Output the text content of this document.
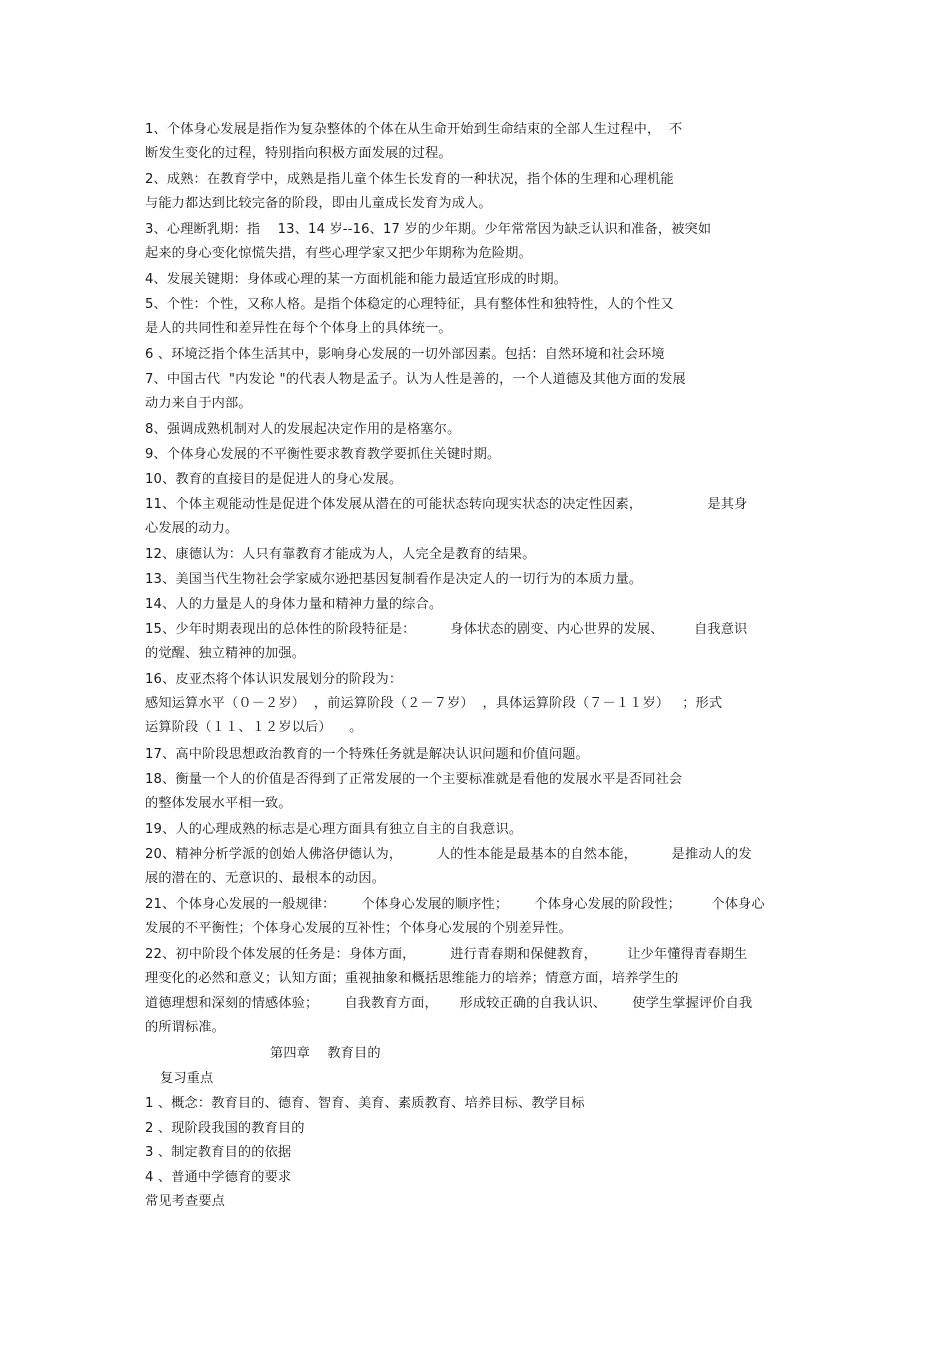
1、个体身心发展是指作为复杂整体的个体在从生命开始到生命结束的全部人生过程中，  不
断发生变化的过程，特别指向积极方面发展的过程。
2、成熟：在教育学中，成熟是指儿童个体生长发育的一种状况，指个体的生理和心理机能
与能力都达到比较完备的阶段，即由儿童成长发育为成人。
3、心理断乳期：指    13、14 岁--16、17 岁的少年期。少年常常因为缺乏认识和准备，被突如
起来的身心变化惊慌失措，有些心理学家又把少年期称为危险期。
4、发展关键期：身体或心理的某一方面机能和能力最适宜形成的时期。
5、个性：个性，又称人格。是指个体稳定的心理特征，具有整体性和独特性，人的个性又
是人的共同性和差异性在每个个体身上的具体统一。
6 、环境泛指个体生活其中，影响身心发展的一切外部因素。包括：自然环境和社会环境
7、中国古代  "内发论 "的代表人物是孟子。认为人性是善的，一个人道德及其他方面的发展
动力来自于内部。
8、强调成熟机制对人的发展起决定作用的是格塞尔。
9、个体身心发展的不平衡性要求教育教学要抓住关键时期。
10、教育的直接目的是促进人的身心发展。
11、个体主观能动性是促进个体发展从潜在的可能状态转向现实状态的决定性因素，               是其身
心发展的动力。
12、康德认为：人只有靠教育才能成为人，人完全是教育的结果。
13、美国当代生物社会学家威尔逊把基因复制看作是决定人的一切行为的本质力量。
14、人的力量是人的身体力量和精神力量的综合。
15、少年时期表现出的总体性的阶段特征是：        身体状态的剧变、内心世界的发展、       自我意识
的觉醒、独立精神的加强。
16、皮亚杰将个体认识发展划分的阶段为：
感知运算水平（０－２岁）  ，前运算阶段（２－７岁）  ，具体运算阶段（７－１１岁）   ；形式
运算阶段（１１、１２岁以后）    。
17、高中阶段思想政治教育的一个特殊任务就是解决认识问题和价值问题。
18、衡量一个人的价值是否得到了正常发展的一个主要标准就是看他的发展水平是否同社会
的整体发展水平相一致。
19、人的心理成熟的标志是心理方面具有独立自主的自我意识。
20、精神分析学派的创始人佛洛伊德认为，        人的性本能是最基本的自然本能，        是推动人的发
展的潜在的、无意识的、最根本的动因。
21、个体身心发展的一般规律：      个体身心发展的顺序性；      个体身心发展的阶段性；       个体身心
发展的不平衡性；个体身心发展的互补性；个体身心发展的个别差异性。
22、初中阶段个体发展的任务是：身体方面，        进行青春期和保健教育，       让少年懂得青春期生
理变化的必然和意义；认知方面；重视抽象和概括思维能力的培养；情意方面，培养学生的
道德理想和深刻的情感体验；      自我教育方面，     形成较正确的自我认识、      使学生掌握评价自我
的所谓标准。
第四章    教育目的
复习重点
1 、概念：教育目的、德育、智育、美育、素质教育、培养目标、教学目标
2 、现阶段我国的教育目的
3 、制定教育目的的依据
4 、普通中学德育的要求
常见考查要点
